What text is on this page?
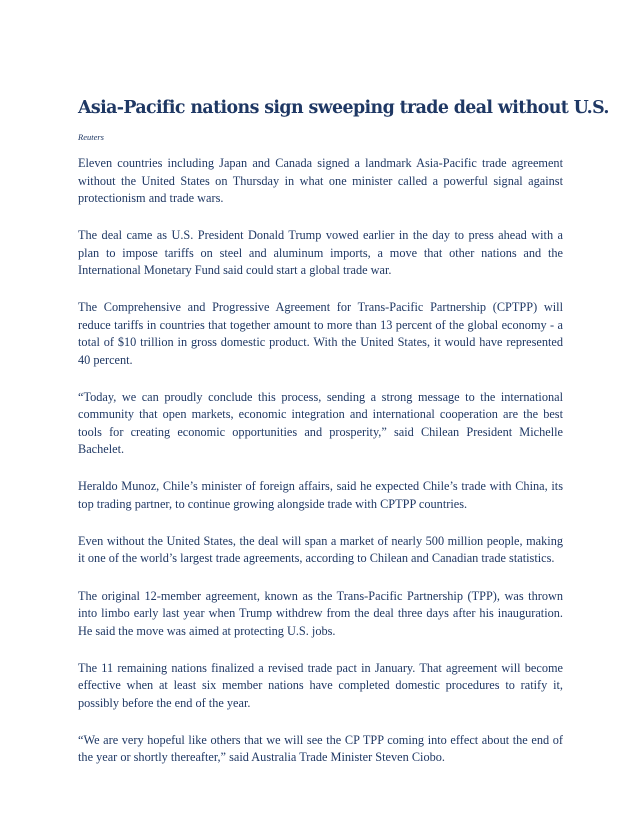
Asia-Pacific nations sign sweeping trade deal without U.S.
Reuters

Eleven countries including Japan and Canada signed a landmark Asia-Pacific trade agreement without the United States on Thursday in what one minister called a powerful signal against protectionism and trade wars.

The deal came as U.S. President Donald Trump vowed earlier in the day to press ahead with a plan to impose tariffs on steel and aluminum imports, a move that other nations and the International Monetary Fund said could start a global trade war.

The Comprehensive and Progressive Agreement for Trans-Pacific Partnership (CPTPP) will reduce tariffs in countries that together amount to more than 13 percent of the global economy - a total of $10 trillion in gross domestic product. With the United States, it would have represented 40 percent.

“Today, we can proudly conclude this process, sending a strong message to the international community that open markets, economic integration and international cooperation are the best tools for creating economic opportunities and prosperity,” said Chilean President Michelle Bachelet.

Heraldo Munoz, Chile’s minister of foreign affairs, said he expected Chile’s trade with China, its top trading partner, to continue growing alongside trade with CPTPP countries.

Even without the United States, the deal will span a market of nearly 500 million people, making it one of the world’s largest trade agreements, according to Chilean and Canadian trade statistics.

The original 12-member agreement, known as the Trans-Pacific Partnership (TPP), was thrown into limbo early last year when Trump withdrew from the deal three days after his inauguration. He said the move was aimed at protecting U.S. jobs.

The 11 remaining nations finalized a revised trade pact in January. That agreement will become effective when at least six member nations have completed domestic procedures to ratify it, possibly before the end of the year.

“We are very hopeful like others that we will see the CP TPP coming into effect about the end of the year or shortly thereafter,” said Australia Trade Minister Steven Ciobo.
